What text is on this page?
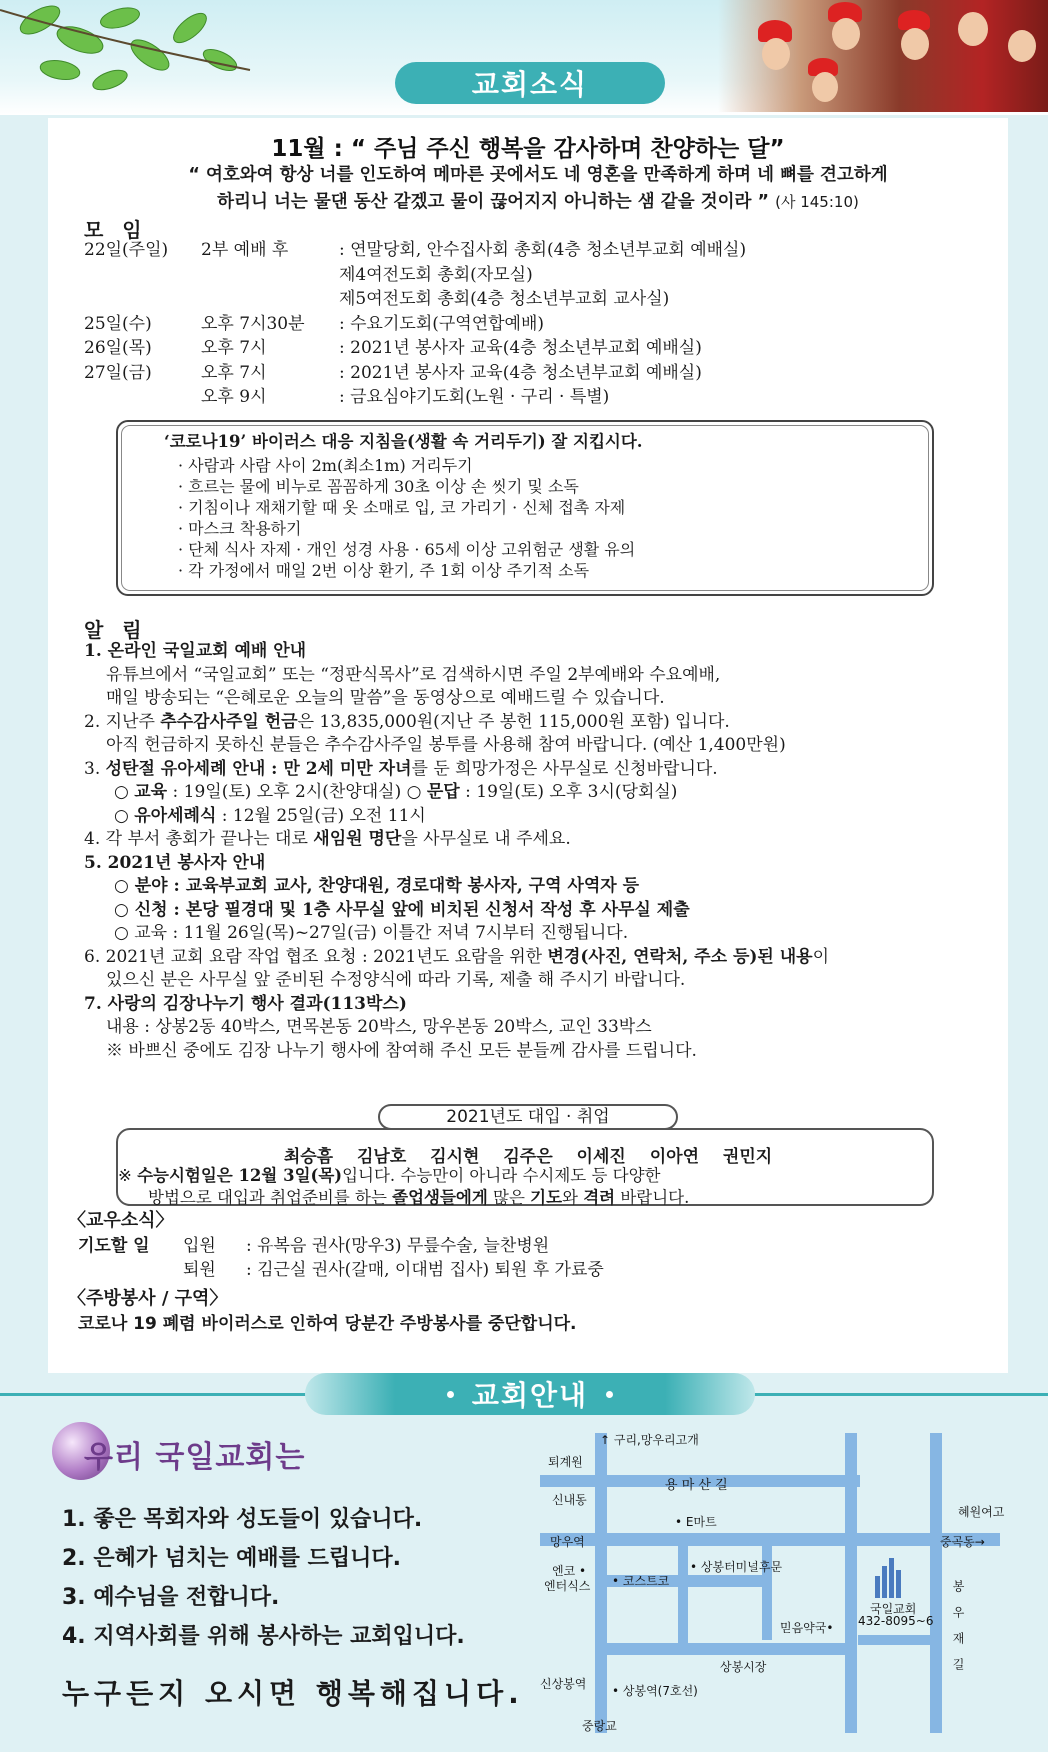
교회소식
11월 : “ 주님 주신 행복을 감사하며 찬양하는 달”
“ 여호와여 항상 너를 인도하여 메마른 곳에서도 네 영혼을 만족하게 하며 네 뼈를 견고하게
하리니 너는 물댄 동산 같겠고 물이 끊어지지 아니하는 샘 같을 것이라 ” (사 145:10)
모 임
22일(주일) 2부 예배 후	: 연말당회, 안수집사회 총회(4층 청소년부교회 예배실)
제4여전도회 총회(자모실)
제5여전도회 총회(4층 청소년부교회 교사실)
25일(수)	오후 7시30분 : 수요기도회(구역연합예배)
26일(목)	오후 7시	: 2021년 봉사자 교육(4층 청소년부교회 예배실)
27일(금)	오후 7시	: 2021년 봉사자 교육(4층 청소년부교회 예배실)
오후 9시	: 금요심야기도회(노원 · 구리 · 특별)
‘코로나19’ 바이러스 대응 지침을(생활 속 거리두기) 잘 지킵시다.
· 사람과 사람 사이 2m(최소1m) 거리두기
· 흐르는 물에 비누로 꼼꼼하게 30초 이상 손 씻기 및 소독
· 기침이나 재채기할 때 옷 소매로 입, 코 가리기 · 신체 접촉 자제
· 마스크 착용하기
· 단체 식사 자제 · 개인 성경 사용 · 65세 이상 고위험군 생활 유의
· 각 가정에서 매일 2번 이상 환기, 주 1회 이상 주기적 소독
알 림
1. 온라인 국일교회 예배 안내
유튜브에서 “국일교회” 또는 “정판식목사”로 검색하시면 주일 2부예배와 수요예배,
매일 방송되는 “은혜로운 오늘의 말씀”을 동영상으로 예배드릴 수 있습니다.
2. 지난주 추수감사주일 헌금은 13,835,000원(지난 주 봉헌 115,000원 포함) 입니다.
아직 헌금하지 못하신 분들은 추수감사주일 봉투를 사용해 참여 바랍니다. (예산 1,400만원)
3. 성탄절 유아세례 안내 : 만 2세 미만 자녀를 둔 희망가정은 사무실로 신청바랍니다.
○ 교육 : 19일(토) 오후 2시(찬양대실) ○ 문답 : 19일(토) 오후 3시(당회실)
○ 유아세례식 : 12월 25일(금) 오전 11시
4. 각 부서 총회가 끝나는 대로 새임원 명단을 사무실로 내 주세요.
5. 2021년 봉사자 안내
○ 분야 : 교육부교회 교사, 찬양대원, 경로대학 봉사자, 구역 사역자 등
○ 신청 : 본당 필경대 및 1층 사무실 앞에 비치된 신청서 작성 후 사무실 제출
○ 교육 : 11월 26일(목)~27일(금) 이틀간 저녁 7시부터 진행됩니다.
6. 2021년 교회 요람 작업 협조 요청 : 2021년도 요람을 위한 변경(사진, 연락처, 주소 등)된 내용이
있으신 분은 사무실 앞 준비된 수정양식에 따라 기록, 제출 해 주시기 바랍니다.
7. 사랑의 김장나누기 행사 결과(113박스)
내용 : 상봉2동 40박스, 면목본동 20박스, 망우본동 20박스, 교인 33박스
※ 바쁘신 중에도 김장 나누기 행사에 참여해 주신 모든 분들께 감사를 드립니다.
2021년도 대입 · 취업
최승흠 김남호 김시현 김주은 이세진 이아연 권민지
※ 수능시험일은 12월 3일(목)입니다. 수능만이 아니라 수시제도 등 다양한
방법으로 대입과 취업준비를 하는 졸업생들에게 많은 기도와 격려 바랍니다.
〈교우소식〉
기도할 일 입원 : 유복음 권사(망우3) 무릎수술, 늘찬병원
퇴원 : 김근실 권사(갈매, 이대범 집사) 퇴원 후 가료중
〈주방봉사 / 구역〉
코로나 19 폐렴 바이러스로 인하여 당분간 주방봉사를 중단합니다.
교회안내
우리 국일교회는
1. 좋은 목회자와 성도들이 있습니다.
2. 은혜가 넘치는 예배를 드립니다.
3. 예수님을 전합니다.
4. 지역사회를 위해 봉사하는 교회입니다.
누구든지 오시면 행복해집니다.
↑ 구리,망우리고개
퇴계원
용 마 산 길
신내동
• E마트
혜원여고
망우역	중곡동→
엔코 •
엔터식스 • 코스트코
• 상봉터미널후문
국일교회
432-8095~6 봉우재길
믿음약국•
상봉시장
신상봉역 • 상봉역(7호선)
중랑교
